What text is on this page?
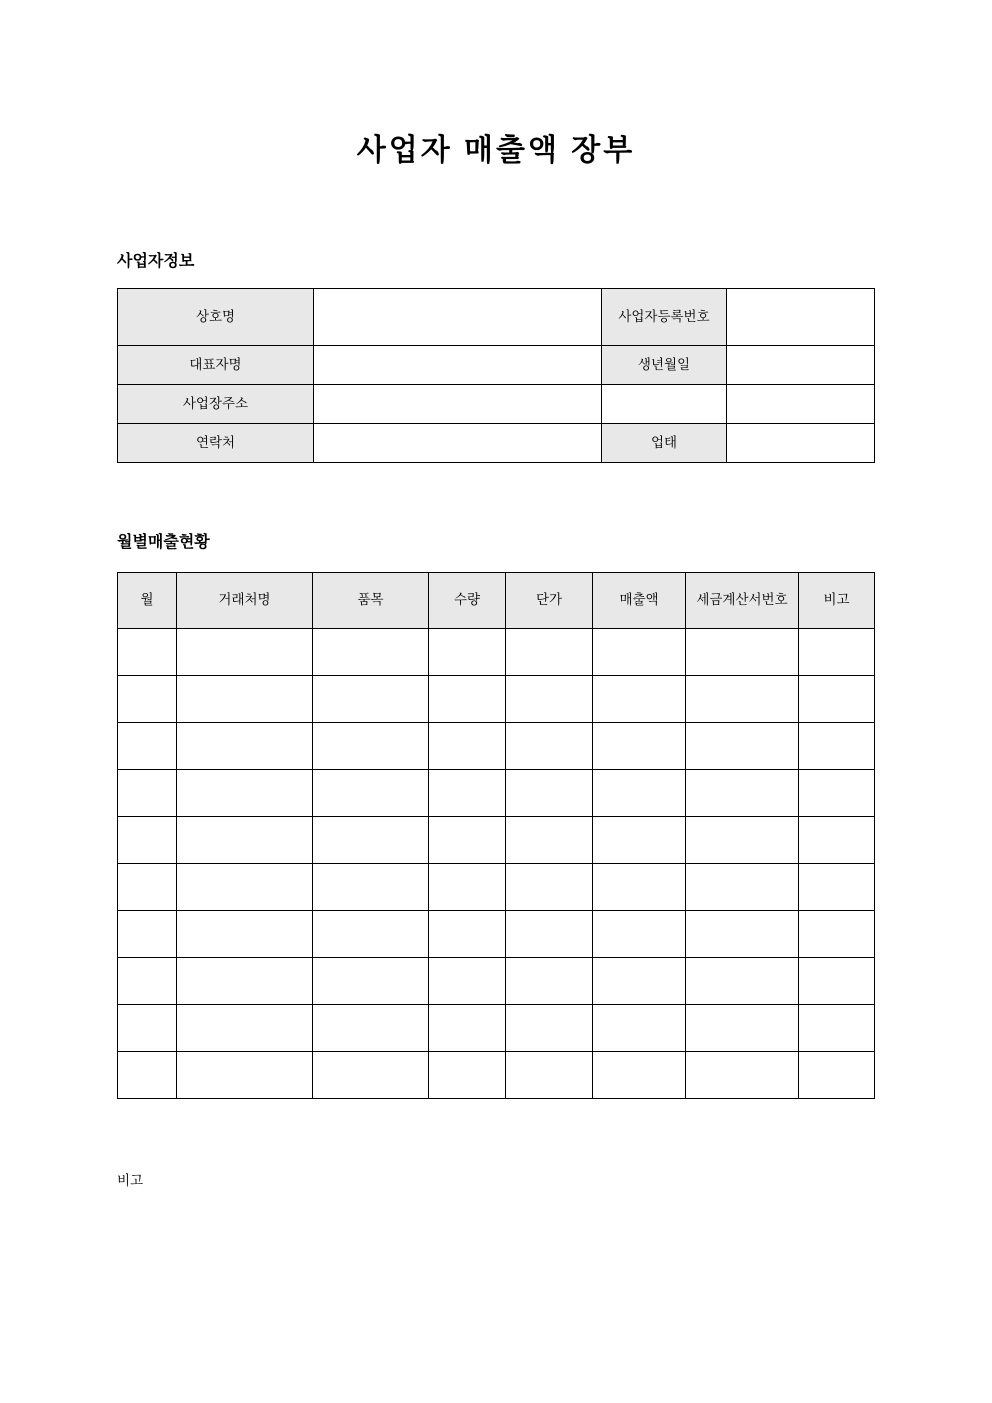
사업자 매출액 장부
사업자정보
상호명		사업자등록번호	
대표자명		생년월일	
사업장주소			
연락처		업태	
월별매출현황
월	거래처명	품목	수량	단가	매출액	세금계산서번호	비고

비고
